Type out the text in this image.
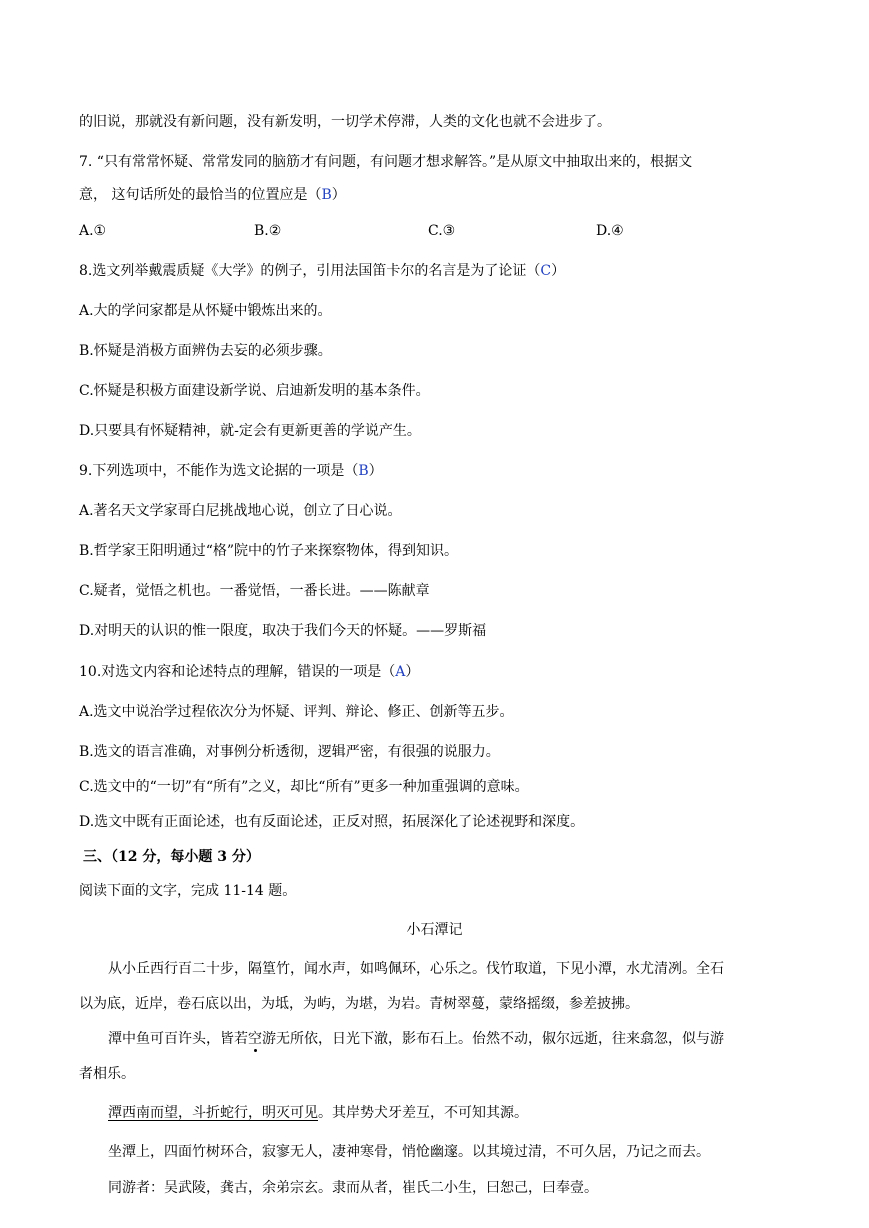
的旧说，那就没有新问题，没有新发明，一切学术停滞，人类的文化也就不会进步了。
7. “只有常常怀疑、常常发同的脑筋才有问题，有问题才想求解答。”是从原文中抽取出来的，根据文
意， 这句话所处的最恰当的位置应是（B）
A.①	B.②	C.③	D.④
8.选文列举戴震质疑《大学》的例子，引用法国笛卡尔的名言是为了论证（C）
A.大的学问家都是从怀疑中锻炼出来的。
B.怀疑是消极方面辨伪去妄的必须步骤。
C.怀疑是积极方面建设新学说、启迪新发明的基本条件。
D.只要具有怀疑精神，就-定会有更新更善的学说产生。
9.下列选项中，不能作为选文论据的一项是（B）
A.著名天文学家哥白尼挑战地心说，创立了日心说。
B.哲学家王阳明通过“格”院中的竹子来探察物体，得到知识。
C.疑者，觉悟之机也。一番觉悟，一番长进。——陈献章
D.对明天的认识的惟一限度，取决于我们今天的怀疑。——罗斯福
10.对选文内容和论述特点的理解，错误的一项是（A）
A.选文中说治学过程依次分为怀疑、评判、辩论、修正、创新等五步。
B.选文的语言准确，对事例分析透彻，逻辑严密，有很强的说服力。
C.选文中的“一切”有“所有”之义，却比“所有”更多一种加重强调的意味。
D.选文中既有正面论述，也有反面论述，正反对照，拓展深化了论述视野和深度。
三、（12 分，每小题 3 分）
阅读下面的文字，完成 11-14 题。
小石潭记
从小丘西行百二十步，隔篁竹，闻水声，如鸣佩环，心乐之。伐竹取道，下见小潭，水尤清冽。全石
以为底，近岸，卷石底以出，为坻，为屿，为堪，为岩。青树翠蔓，蒙络摇缀，参差披拂。
潭中鱼可百许头，皆若空游无所依，日光下澈，影布石上。佁然不动，俶尔远逝，往来翕忽，似与游
者相乐。
潭西南而望，斗折蛇行，明灭可见。其岸势犬牙差互，不可知其源。
坐潭上，四面竹树环合，寂寥无人，凄神寒骨，悄怆幽邃。以其境过清，不可久居，乃记之而去。
同游者：吴武陵，龚古，余弟宗玄。隶而从者，崔氏二小生，曰恕己，曰奉壹。
